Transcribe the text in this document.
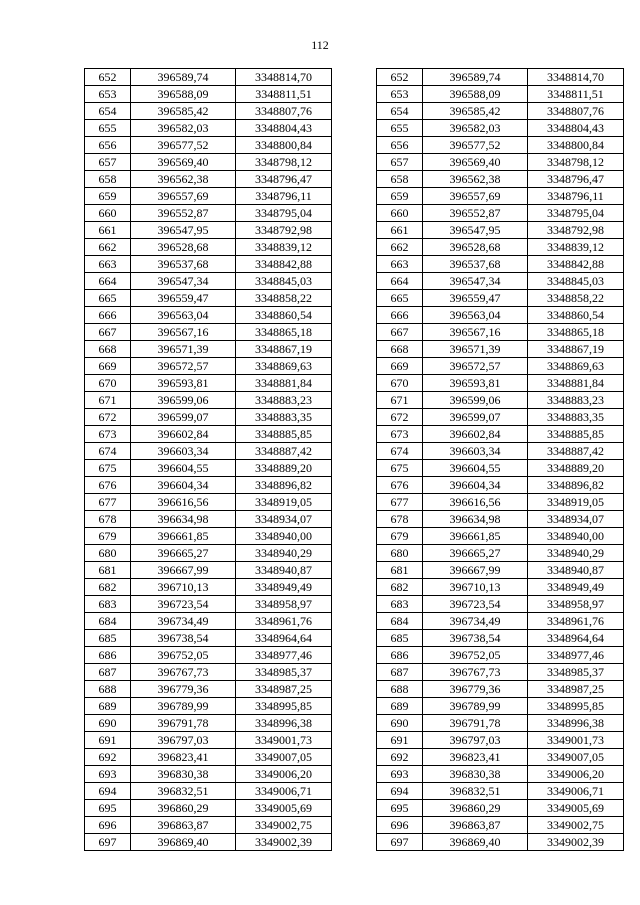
112
652	396589,74	3348814,70
653	396588,09	3348811,51
654	396585,42	3348807,76
655	396582,03	3348804,43
656	396577,52	3348800,84
657	396569,40	3348798,12
658	396562,38	3348796,47
659	396557,69	3348796,11
660	396552,87	3348795,04
661	396547,95	3348792,98
662	396528,68	3348839,12
663	396537,68	3348842,88
664	396547,34	3348845,03
665	396559,47	3348858,22
666	396563,04	3348860,54
667	396567,16	3348865,18
668	396571,39	3348867,19
669	396572,57	3348869,63
670	396593,81	3348881,84
671	396599,06	3348883,23
672	396599,07	3348883,35
673	396602,84	3348885,85
674	396603,34	3348887,42
675	396604,55	3348889,20
676	396604,34	3348896,82
677	396616,56	3348919,05
678	396634,98	3348934,07
679	396661,85	3348940,00
680	396665,27	3348940,29
681	396667,99	3348940,87
682	396710,13	3348949,49
683	396723,54	3348958,97
684	396734,49	3348961,76
685	396738,54	3348964,64
686	396752,05	3348977,46
687	396767,73	3348985,37
688	396779,36	3348987,25
689	396789,99	3348995,85
690	396791,78	3348996,38
691	396797,03	3349001,73
692	396823,41	3349007,05
693	396830,38	3349006,20
694	396832,51	3349006,71
695	396860,29	3349005,69
696	396863,87	3349002,75
697	396869,40	3349002,39
652	396589,74	3348814,70
653	396588,09	3348811,51
654	396585,42	3348807,76
655	396582,03	3348804,43
656	396577,52	3348800,84
657	396569,40	3348798,12
658	396562,38	3348796,47
659	396557,69	3348796,11
660	396552,87	3348795,04
661	396547,95	3348792,98
662	396528,68	3348839,12
663	396537,68	3348842,88
664	396547,34	3348845,03
665	396559,47	3348858,22
666	396563,04	3348860,54
667	396567,16	3348865,18
668	396571,39	3348867,19
669	396572,57	3348869,63
670	396593,81	3348881,84
671	396599,06	3348883,23
672	396599,07	3348883,35
673	396602,84	3348885,85
674	396603,34	3348887,42
675	396604,55	3348889,20
676	396604,34	3348896,82
677	396616,56	3348919,05
678	396634,98	3348934,07
679	396661,85	3348940,00
680	396665,27	3348940,29
681	396667,99	3348940,87
682	396710,13	3348949,49
683	396723,54	3348958,97
684	396734,49	3348961,76
685	396738,54	3348964,64
686	396752,05	3348977,46
687	396767,73	3348985,37
688	396779,36	3348987,25
689	396789,99	3348995,85
690	396791,78	3348996,38
691	396797,03	3349001,73
692	396823,41	3349007,05
693	396830,38	3349006,20
694	396832,51	3349006,71
695	396860,29	3349005,69
696	396863,87	3349002,75
697	396869,40	3349002,39
